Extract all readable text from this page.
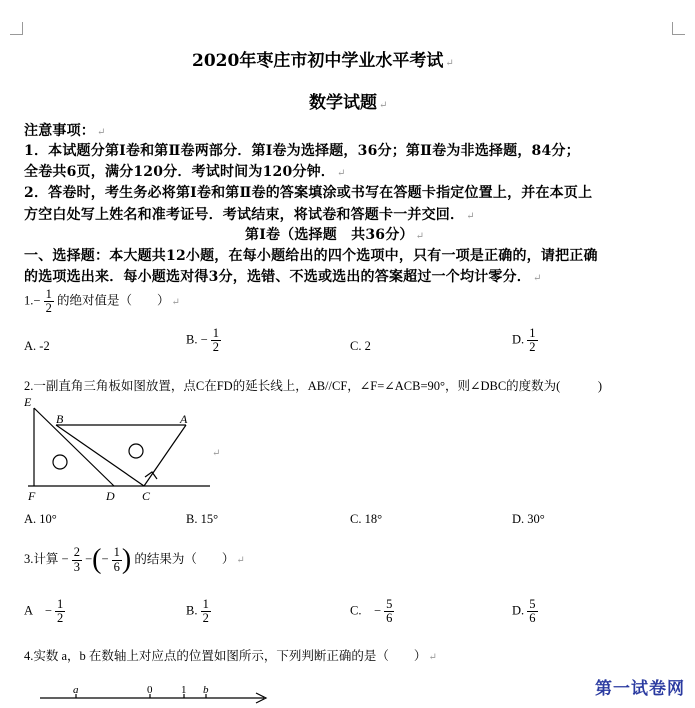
2020年枣庄市初中学业水平考试 ↵
数学试题 ↵
注意事项： ↵
1．本试题分第Ⅰ卷和第Ⅱ卷两部分．第Ⅰ卷为选择题，36分；第Ⅱ卷为非选择题，84分；
全卷共6页，满分120分．考试时间为120分钟． ↵
2．答卷时，考生务必将第Ⅰ卷和第Ⅱ卷的答案填涂或书写在答题卡指定位置上，并在本页上
方空白处写上姓名和准考证号．考试结束，将试卷和答题卡一并交回． ↵
第Ⅰ卷（选择题　共36分） ↵
一、选择题：本大题共12小题，在每小题给出的四个选项中，只有一项是正确的，请把正确
的选项选出来．每小题选对得3分，选错、不选或选出的答案超过一个均计零分． ↵
$1.- \frac{1}{2}$ 的绝对值是（　　） ↵
A. -2	B. − $\frac{1}{2}$	C. 2	D. $\frac{1}{2}$
2.一副直角三角板如图放置，点C在FD的延长线上，AB//CF，∠F=∠ACB=90°，则∠DBC的度数为(　　　)
E
B	A
F	D C
↵
A. 10°	B. 15°	C. 18°	D. 30°
3.计算 − $\frac{2}{3}$ −(− $\frac{1}{6}$ ) 的结果为（　　） ↵
A　− $\frac{1}{2}$	B. $\frac{1}{2}$	C.　− $\frac{5}{6}$	D. $\frac{5}{6}$
4.实数 a，b 在数轴上对应点的位置如图所示，下列判断正确的是（　　） ↵
a	0	1 b	第一试卷网
